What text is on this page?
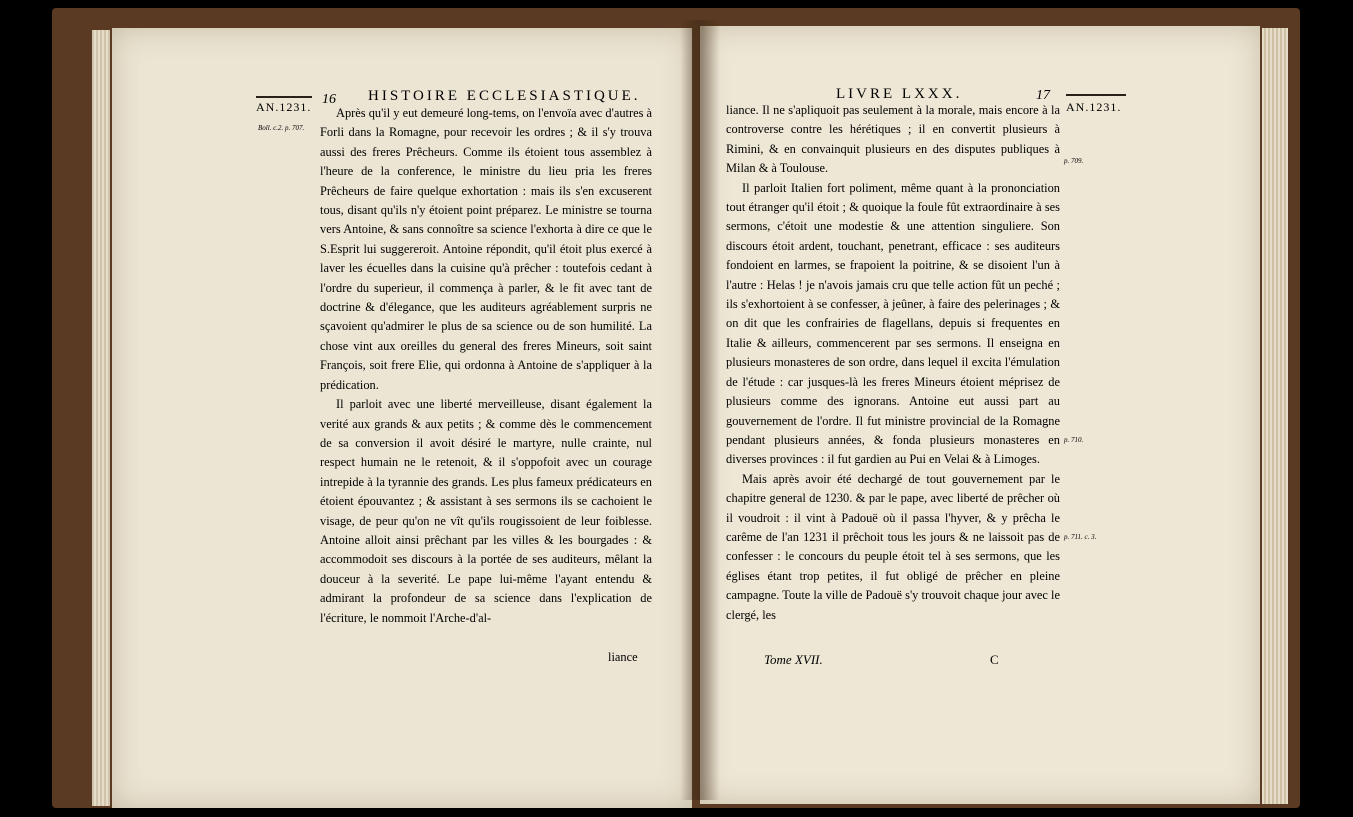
AN.1231.
Boll. c.2. p. 707.
16 HISTOIRE ECCLESIASTIQUE.

Après qu'il y eut demeuré long-tems, on l'envoïa avec d'autres à Forli dans la Romagne, pour recevoir les ordres ; & il s'y trouva aussi des freres Prêcheurs. Comme ils étoient tous assemblez à l'heure de la conference, le ministre du lieu pria les freres Prêcheurs de faire quelque exhortation : mais ils s'en excuserent tous, disant qu'ils n'y étoient point préparez. Le ministre se tourna vers Antoine, & sans connoître sa science l'exhorta à dire ce que le S.Esprit lui suggereroit. Antoine répondit, qu'il étoit plus exercé à laver les écuelles dans la cuisine qu'à prêcher : toutefois cedant à l'ordre du superieur, il commença à parler, & le fit avec tant de doctrine & d'élegance, que les auditeurs agréablement surpris ne sçavoient qu'admirer le plus de sa science ou de son humilité. La chose vint aux oreilles du general des freres Mineurs, soit saint François, soit frere Elie, qui ordonna à Antoine de s'appliquer à la prédication.

Il parloit avec une liberté merveilleuse, disant également la verité aux grands & aux petits ; & comme dès le commencement de sa conversion il avoit désiré le martyre, nulle crainte, nul respect humain ne le retenoit, & il s'oppofoit avec un courage intrepide à la tyrannie des grands. Les plus fameux prédicateurs en étoient épouvantez ; & assistant à ses sermons ils se cachoient le visage, de peur qu'on ne vît qu'ils rougissoient de leur foiblesse. Antoine alloit ainsi prêchant par les villes & les bourgades : & accommodoit ses discours à la portée de ses auditeurs, mêlant la douceur à la severité. Le pape lui-même l'ayant entendu & admirant la profondeur de sa science dans l'explication de l'écriture, le nommoit l'Arche-d'al-

liance
LIVRE LXXX.	17
AN.1231.
p. 709.
p. 710.
p. 711. c. 3.

liance. Il ne s'apliquoit pas seulement à la morale, mais encore à la controverse contre les hérétiques ; il en convertit plusieurs à Rimini, & en convainquit plusieurs en des disputes publiques à Milan & à Toulouse.

Il parloit Italien fort poliment, même quant à la prononciation tout étranger qu'il étoit ; & quoique la foule fût extraordinaire à ses sermons, c'étoit une modestie & une attention singuliere. Son discours étoit ardent, touchant, penetrant, efficace : ses auditeurs fondoient en larmes, se frapoient la poitrine, & se disoient l'un à l'autre : Helas ! je n'avois jamais cru que telle action fût un peché ; ils s'exhortoient à se confesser, à jeûner, à faire des pelerinages ; & on dit que les confrairies de flagellans, depuis si frequentes en Italie & ailleurs, commencerent par ses sermons. Il enseigna en plusieurs monasteres de son ordre, dans lequel il excita l'émulation de l'étude : car jusques-là les freres Mineurs étoient méprisez de plusieurs comme des ignorans. Antoine eut aussi part au gouvernement de l'ordre. Il fut ministre provincial de la Romagne pendant plusieurs années, & fonda plusieurs monasteres en diverses provinces : il fut gardien au Pui en Velai & à Limoges.

Mais après avoir été dechargé de tout gouvernement par le chapitre general de 1230. & par le pape, avec liberté de prêcher où il voudroit : il vint à Padouë où il passa l'hyver, & y prêcha le carême de l'an 1231 il prêchoit tous les jours & ne laissoit pas de confesser : le concours du peuple étoit tel à ses sermons, que les églises étant trop petites, il fut obligé de prêcher en pleine campagne. Toute la ville de Padouë s'y trouvoit chaque jour avec le clergé, les

Tome XVII.	C
